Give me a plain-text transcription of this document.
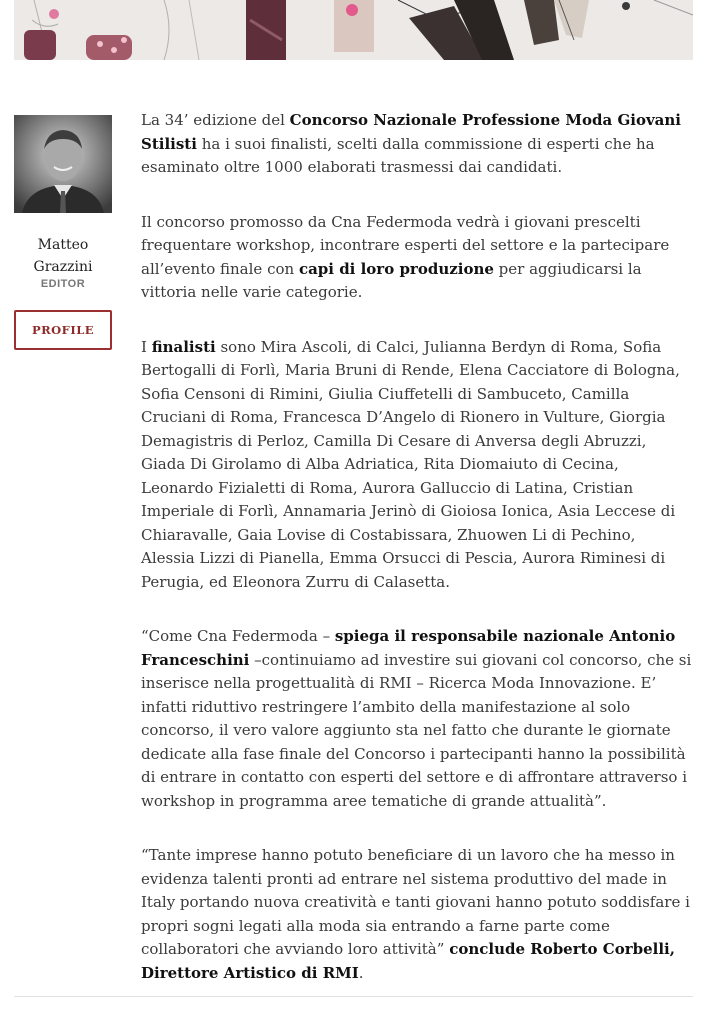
Matteo
Grazzini
EDITOR
PROFILE

La 34’ edizione del Concorso Nazionale Professione Moda Giovani Stilisti ha i suoi finalisti, scelti dalla commissione di esperti che ha esaminato oltre 1000 elaborati trasmessi dai candidati.

Il concorso promosso da Cna Federmoda vedrà i giovani prescelti frequentare workshop, incontrare esperti del settore e la partecipare all’evento finale con capi di loro produzione per aggiudicarsi la vittoria nelle varie categorie.

I finalisti sono Mira Ascoli, di Calci, Julianna Berdyn di Roma, Sofia Bertogalli di Forlì, Maria Bruni di Rende, Elena Cacciatore di Bologna, Sofia Censoni di Rimini, Giulia Ciuffetelli di Sambuceto, Camilla Cruciani di Roma, Francesca D’Angelo di Rionero in Vulture, Giorgia Demagistris di Perloz, Camilla Di Cesare di Anversa degli Abruzzi, Giada Di Girolamo di Alba Adriatica, Rita Diomaiuto di Cecina, Leonardo Fizialetti di Roma, Aurora Galluccio di Latina, Cristian Imperiale di Forlì, Annamaria Jerinò di Gioiosa Ionica, Asia Leccese di Chiaravalle, Gaia Lovise di Costabissara, Zhuowen Li di Pechino, Alessia Lizzi di Pianella, Emma Orsucci di Pescia, Aurora Riminesi di Perugia, ed Eleonora Zurru di Calasetta.

“Come Cna Federmoda – spiega il responsabile nazionale Antonio Franceschini –continuiamo ad investire sui giovani col concorso, che si inserisce nella progettualità di RMI – Ricerca Moda Innovazione. E’ infatti riduttivo restringere l’ambito della manifestazione al solo concorso, il vero valore aggiunto sta nel fatto che durante le giornate dedicate alla fase finale del Concorso i partecipanti hanno la possibilità di entrare in contatto con esperti del settore e di affrontare attraverso i workshop in programma aree tematiche di grande attualità”.

“Tante imprese hanno potuto beneficiare di un lavoro che ha messo in evidenza talenti pronti ad entrare nel sistema produttivo del made in Italy portando nuova creatività e tanti giovani hanno potuto soddisfare i propri sogni legati alla moda sia entrando a farne parte come collaboratori che avviando loro attività” conclude Roberto Corbelli, Direttore Artistico di RMI.
